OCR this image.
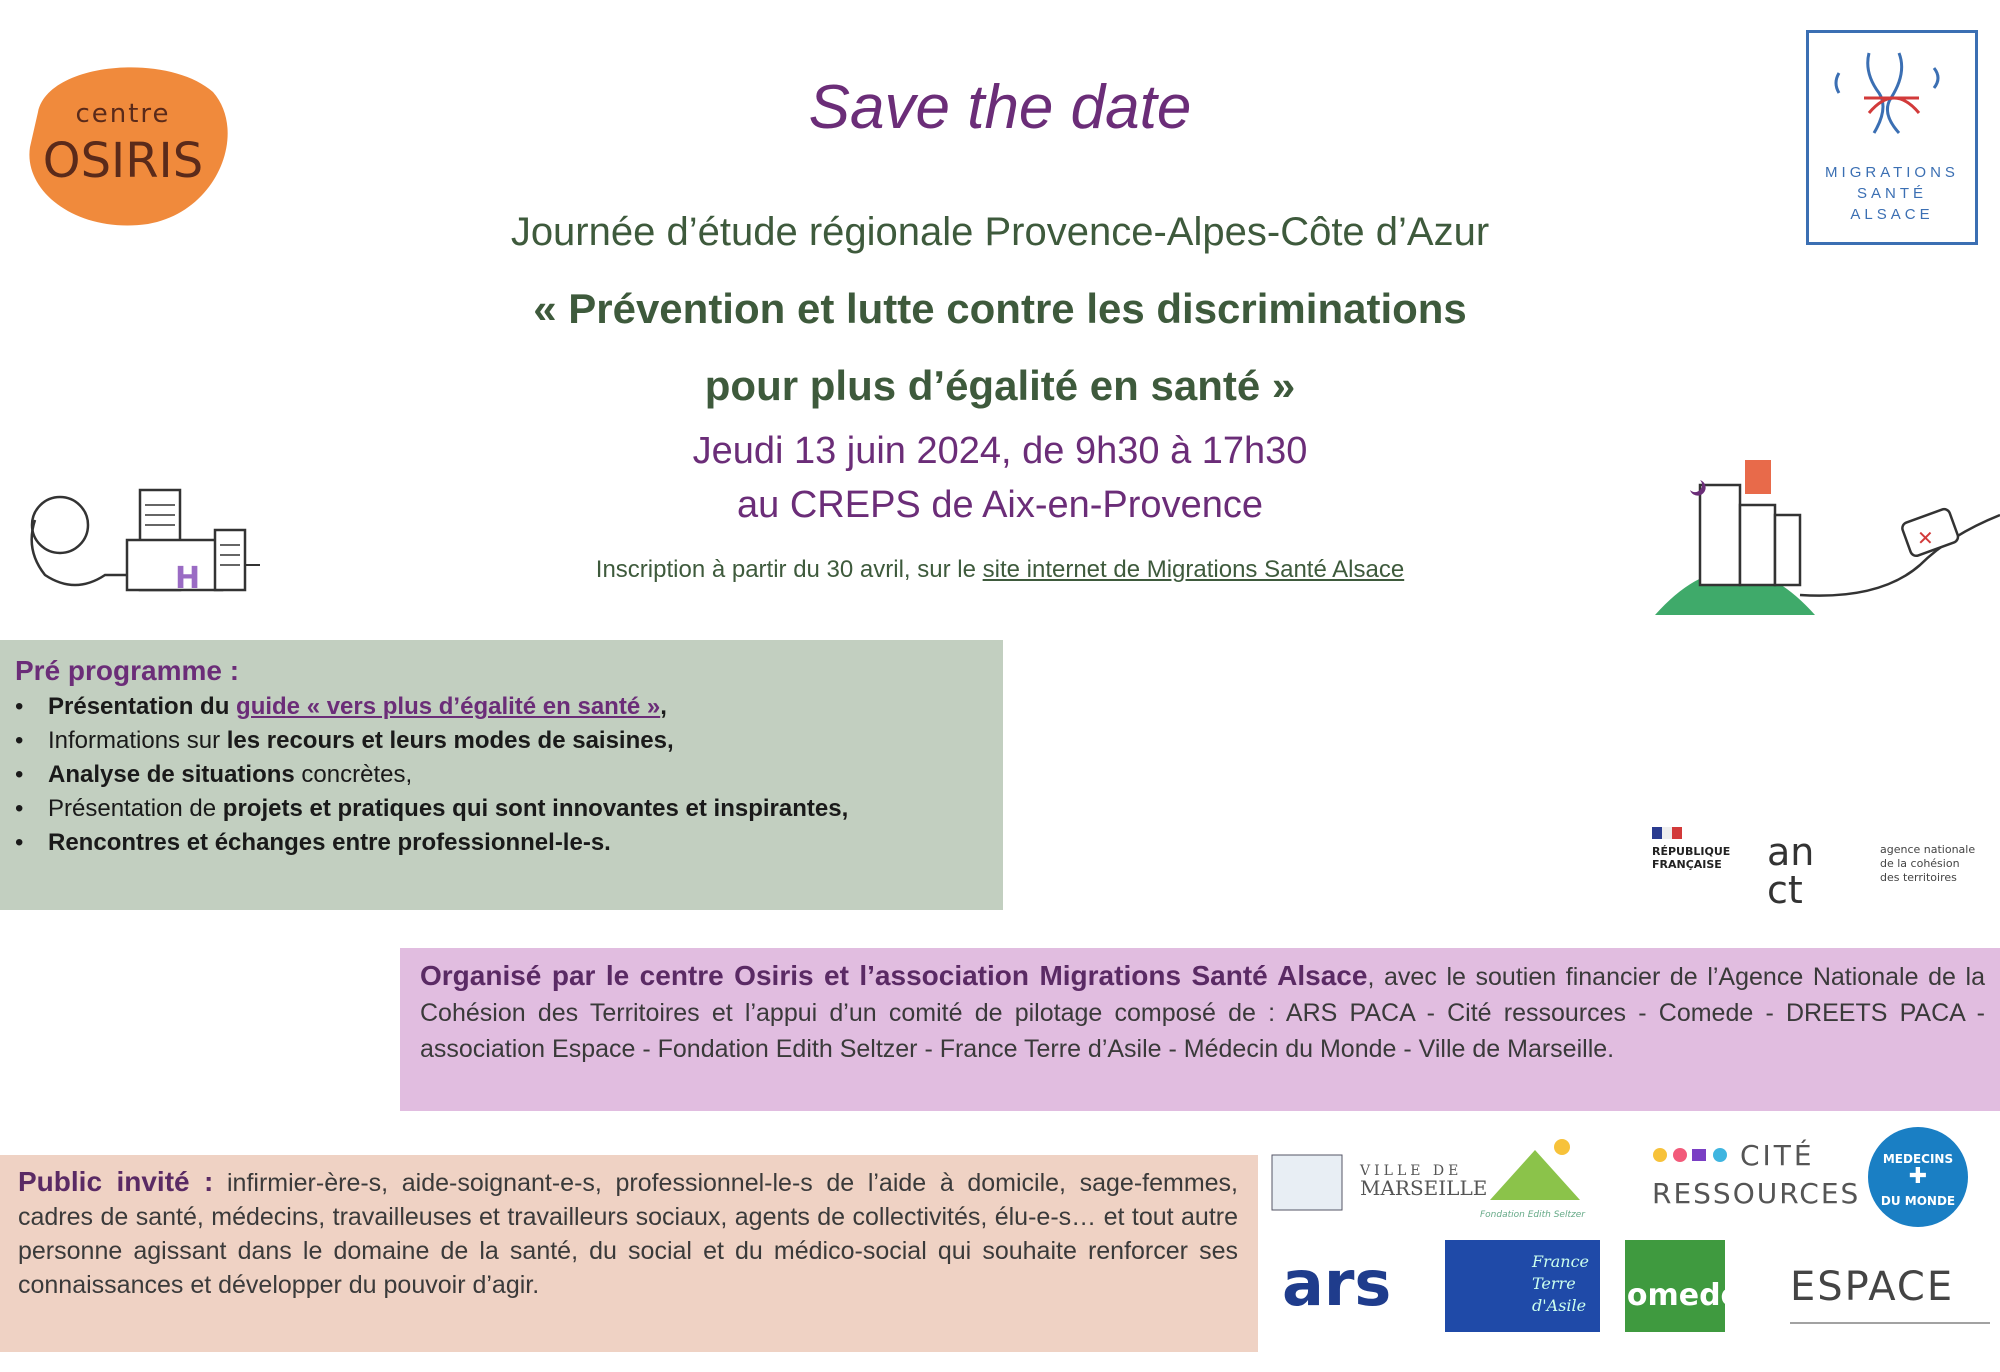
centre
OSIRIS	MIGRATIONS
SANTÉ
ALSACE
Save the date
Journée d’étude régionale Provence-Alpes-Côte d’Azur
« Prévention et lutte contre les discriminations
pour plus d’égalité en santé »
Jeudi 13 juin 2024, de 9h30 à 17h30
au CREPS de Aix-en-Provence
Inscription à partir du 30 avril, sur le site internet de Migrations Santé Alsace
H
✕
Pré programme :
• Présentation du guide « vers plus d’égalité en santé »,
• Informations sur les recours et leurs modes de saisines,
• Analyse de situations concrètes,
• Présentation de projets et pratiques qui sont innovantes et inspirantes,
• Rencontres et échanges entre professionnel-le-s.	RÉPUBLIQUE
FRANÇAISE an
ct
agence nationale
de la cohésion
des territoires
Organisé par le centre Osiris et l’association Migrations Santé Alsace, avec le soutien financier de l’Agence Nationale de la Cohésion des Territoires et l’appui d’un comité de pilotage composé de : ARS PACA - Cité ressources - Comede - DREETS PACA - association Espace - Fondation Edith Seltzer - France Terre d’Asile - Médecin du Monde - Ville de Marseille.
Public invité : infirmier-ère-s, aide-soignant-e-s, professionnel-le-s de l’aide à domicile, sage-femmes, cadres de santé, médecins, travailleuses et travailleurs sociaux, agents de collectivités, élu-e-s… et tout autre personne agissant dans le domaine de la santé, du social et du médico-social qui souhaite renforcer ses connaissances et développer du pouvoir d’agir.
VILLE DE
MARSEILLE
Fondation Edith Seltzer
CITÉ
RESSOURCES
MEDECINS
✚
DU MONDE
ars	France
Terre
d'Asile comede ESPACE
